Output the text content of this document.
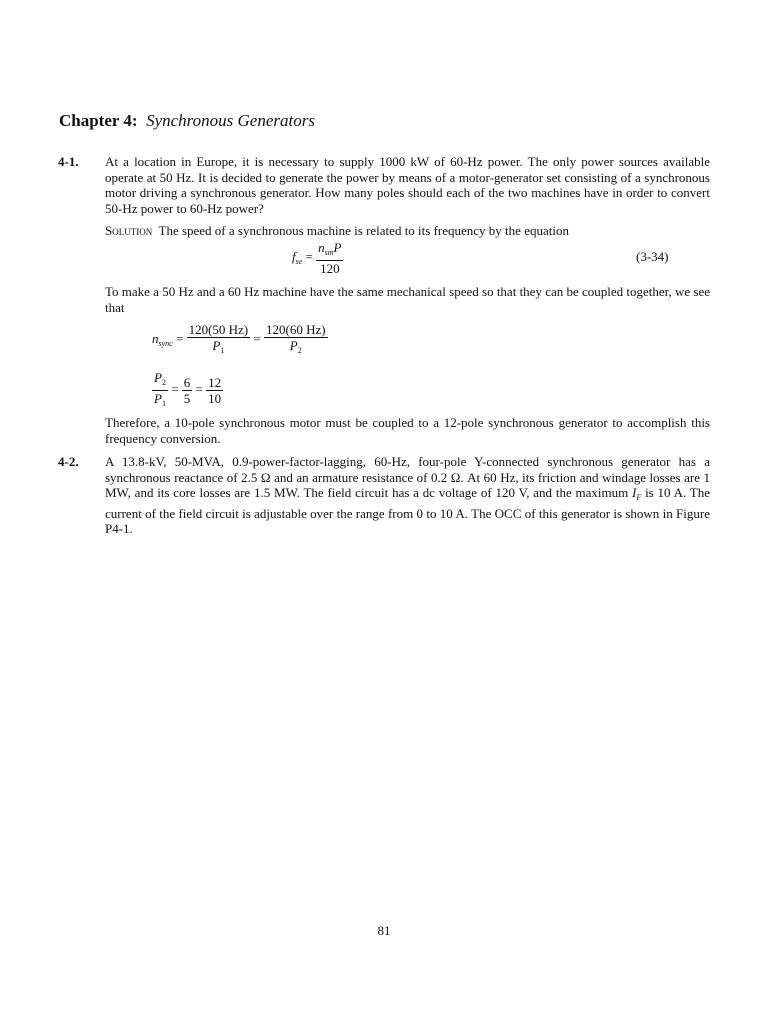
Chapter 4: Synchronous Generators
4-1. At a location in Europe, it is necessary to supply 1000 kW of 60-Hz power. The only power sources available operate at 50 Hz. It is decided to generate the power by means of a motor-generator set consisting of a synchronous motor driving a synchronous generator. How many poles should each of the two machines have in order to convert 50-Hz power to 60-Hz power?

Solution The speed of a synchronous machine is related to its frequency by the equation

$f_{se} = \frac{n_{sm}P}{120}$	(3-34)

To make a 50 Hz and a 60 Hz machine have the same mechanical speed so that they can be coupled together, we see that

$n_{sync} = \frac{120(50 Hz)}{P_1} = \frac{120(60 Hz)}{P_2}$
$\frac{P_2}{P_1} = \frac{6}{5} = \frac{12}{10}$

Therefore, a 10-pole synchronous motor must be coupled to a 12-pole synchronous generator to accomplish this frequency conversion.

4-2. A 13.8-kV, 50-MVA, 0.9-power-factor-lagging, 60-Hz, four-pole Y-connected synchronous generator has a synchronous reactance of 2.5 Ω and an armature resistance of 0.2 Ω. At 60 Hz, its friction and windage losses are 1 MW, and its core losses are 1.5 MW. The field circuit has a dc voltage of 120 V, and the maximum $I_F$ is 10 A. The current of the field circuit is adjustable over the range from 0 to 10 A. The OCC of this generator is shown in Figure P4-1.

81
